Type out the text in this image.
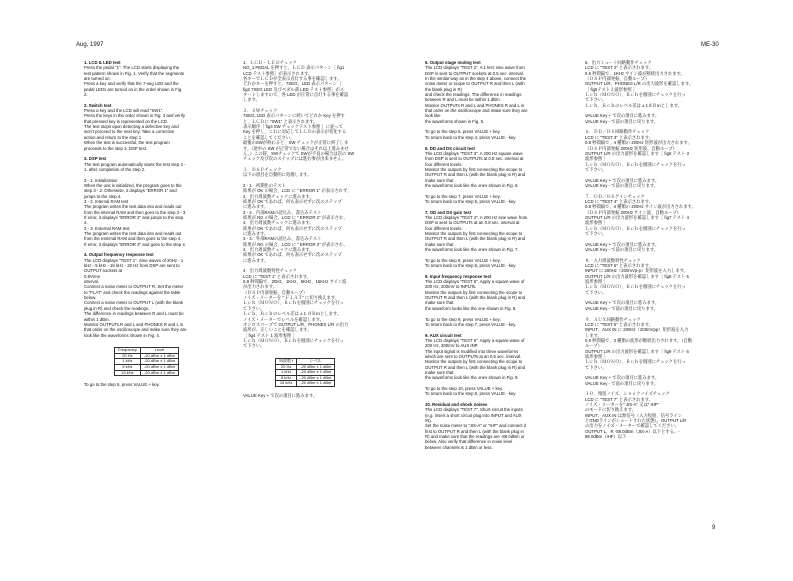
Aug, 1997	ME-30

1. LCD & LED test

Press the pedal "1". The LCD starts displaying the

test pattern shown in Fig. 1. Verify that the segments

are turned on.

Press a key and verify that the 7-seg LED and the

pedal LEDs are turned on in the order shown in Fig.

2.

2. Switch test

Press a key and the LCD will read "SW1".

Press the keys in the order shown in Fig. 3 and verify

that pressed key is represented on the LCD.

The test stops upon detecting a defective key and

won't proceed to the next key. Take a corrective

action and return to the step 1.

When the test is successful, the test program

proceeds to the step 3. DSP test.

3. DSP test

The test program automatically starts the test step 3 -

1. after completion of the step 2.

3 - 1. Initialization

When the unit is initialized, the program goes to the

step 3 - 2. Otherwise, it displays "ERROR 1" and

jumps to the step 4.

3 - 2. Internal RAM test

The program writes the test data into and reads out

from the internal RAM and then goes to the step 3 - 3.

If error, it displays "ERROR 2" and jumps to the step

4.

3 - 3. External RAM test

The program writes the test data into and reads out

from the external RAM and then goes to the step 4.

If error, it displays "ERROR 3" and goes to the step 4.

4. Output frequency response test

The LCD displays "TEST 1". Sine waves of 20Hz - 1

kHz - 5 kHz - 15 kHz - 20 Hz from DSP are sent to

OUTPUT sockets at

0.8Vrms

interval.

Connect a noise meter to OUTPUT R. Set the meter

to "FLAT" and check the readings against the table

below.

Connect a noise meter to OUTPUT L (with the blank

plug in R) and check the readings.

The difference in readings between R and L must be

within 1 dBm.

Monitor OUTPUTs R and L and PHONES R and L in

that order on the oscilloscope and make sure they are

look like the waveforms shown in Fig. 4.

Frequency	Level
20 Hz	-20 dBm ± 1 dBm
1 kHz	-20 dBm ± 1 dBm
5 kHz	-20 dBm ± 1 dBm
15 kHz	-20 dBm ± 1 dBm

To go to the step 5, press VALUE + key.

1．ＬＣＤ・ＬＥＤチェック

NO_1 PEDAL を押すと、ＬＣＤ 表示パターン［ fig1

LCD テスト参照］が表示されます。

各キーでＬＣＤが全表示点灯する事を確認します。

どれかキーを押すと、7SEG、LED 表示パターン［

fig2 7SEG LED 及びペダル部 LED テスト参照］がス

タートしますので、各 LED が正常に点灯する事を確認

します。

２．ＳＷチェック

7SEG, LED 表示パターンに続いてどれか Key を押す

と、ＬＣＤに "SW1" と表示されます。

表示順序［ fig3 SW チェックテスト参照 ］に従って

Key を押し、これに対応してＬＣＤの表示が変化する

ことを確認してください。

最後のSWが終わると、SW チェックが正常に終了しま

す。（途中の SW が正常でない場合はそれ以上進みませ

ん。）この時、SWチェックで SWが不良の場合は次の SW

チェック及び次のステップには進む事が出来ません。

３．ＤＳＰチェック

以下の項目を自動的に処理します。

3 - 1．初期化のテスト

結果が OK の場合、LCD に " ERROR 1" が表示されず、

4．出力周波数チェックに進みます。

結果が OK であれば、何も表示せずに次のステップ

に進みます。

3 - 2．内部RAMの読込み、書込みテスト

結果が NG の場合、LCD に " ERROR 2" が表示され、

4．出力周波数チェックに進みます。

結果が OK であれば、何も表示せずに次のステップ

に進みます。

3 - 3．外部RAMの読込み、書込みテスト

結果が NG の場合、LCD に " ERROR 3" が表示され、

4．出力周波数チェックに進みます。

結果が OK であれば、何も表示せずに次のステップ

に進みます。

4．出力周波数特性チェック

LCD に "TEST 1" と表示されます。

0.8 秒間隔で、20Hz、1KHz、5KHz、15KHz サイン波

が出力されます。

（ＤＳＰ内部発振、自動ループ）

ノイズ・メーターを " ＦＬＡＴ" に切り換えます。

Ｌｃｈ（ＭＯＮＯ）、Ｒｃｈを個別にチェックを行っ

て下さい。

Ｌｃｈ、Ｒｃｈのレベル差は ± 1 ｄＢｍとします。

ノイズ・メーターでレベルを確認します。

オシロスコープで OUTPUT L/R、PHONES L/R の出力

波形が、正しいことを確認します。

［ fig4 テスト 1 波形参照 ］

Ｌｃｈ（ＭＯＮＯ）、Ｒｃｈを個別にチェックを行っ

て下さい。

周波数 f	レベル
20 Hz	-20 dBm ± 1 dBm
1 kHz	-20 dBm ± 1 dBm
5 kHz	-20 dBm ± 1 dBm
15 kHz	-20 dBm ± 1 dBm

VALUE Key + で次の項目に進みます。

5. Output stage muting test

The LCD displays "TEST 2". A 1 kHz sine wave from

DSP is sent to OUTPUT sockets at 0.5 sec. interval.

In the similar way as in the step 4 above, connect the

noise meter or scope to OUTPUT R and then L (with

the blank plug in R)

and check the readings. The difference in readings

between R and L must be within 1 dBm.

Monitor OUTPUTs R and L and PHONES R and L in

that order on the oscilloscope and make sure they are

look like

the waveforms shown in Fig. 5.

To go to the step 6, press VALUE + key.

To return back to the step 4, press VALUE - key.

6. DD and DS circuit test

The LCD displays "TEST 3". A 200 Hz square wave

from DSP is sent to OUTPUTs at 0.8 sec. interval at

four different levels.

Monitor the outputs by first connecting the scope to

OUTPUT R and then L (with the blank plug in R) and

make sure that

the waveforms look like the ones shown in Fig. 6.

To go to the step 7, press VALUE + key.

To return back to the step 5, press VALUE - key.

7. OD and DS gain test

The LCD displays "TEST 4". A 200 Hz sine wave from

DSP is sent to OUTPUTs at an 0.8 sec. interval at

four different levels.

Monitor the outputs by first connecting the scope to

OUTPUT R and then L (with the blank plug in R) and

make sure that

the waveforms look like the ones shown in Fig. 7.

To go to the step 8, press VALUE + key.

To return back to the step 6, press VALUE - key.

8. Input frequency response test

The LCD displays "TEST 5". Apply a square wave of

200 Hz, 200mV to INPUTs.

Monitor the outputs by first connecting the scope to

OUTPUT R and then L (with the blank plug in R) and

make sure that

the waveform looks like the one shown in Fig. 8.

To go to the step 9, press VALUE + key.

To return back to the step 7, press VALUE - key.

9. AUX circuit test

The LCD displays "TEST 6". Apply a square wave of

200 Hz, 200mV to AUX INP.

The input signal is modified into three waveforms

which are sent to OUTPUTs at an 0.5 sec. interval.

Monitor the outputs by first connecting the scope to

OUTPUT R and then L (with the blank plug in R) and

make sure that

the waveforms look like the ones shown in Fig. 9.

To go to the step 10, press VALUE + key.

To return back to the step 8, press VALUE - key.

10. Residual and shock noises

The LCD displays "TEST 7". Short-circuit the inputs

(e.g. insert a short circuit plug into INPUT and AUX

IN).

Set the noise meter to "JIS-A" or "IHF" and connect it

first to OUTPUT R and then L (with the blank plug in

R) and make sure that the readings are -88.0dBm or

below. Also verify that difference in noise level

between channels is 1 dBm or less.

5．出力ミュート回路動作チェック

LCD に "TEST 2" と表示されます。

0.5 秒間隔で、1KHz サイン波が断続出力されます。

（ＤＳＰ内部発振、自動ループ）

OUTPUT L/R、PHONES L/R の出力波形を確認します。

［ fig5テスト２波形参照 ］

Ｌｃｈ（ＭＯＮＯ）、Ｒｃｈを個別にチェックを行っ

て下さい。

Ｌｃｈ，Ｒｃｈのレベル差は ± 1ｄＢｍとします。

VALUE Key + で次の項目に進みます。

VALUE Key - で前の項目に戻ります。

６．ＤＤ／ＤＳ回路動作チェック

LCD に "TEST 3" と表示されます。

0.8 秒間隔で、4 種類の 200Hz 矩形波が出力されます。

（ＤＳＰ内部発振 200Hz 矩形波、自動ループ）

OUTPUT L/R の出力波形を確認します［ fig6 テスト 3

波形参照 ］

Ｌｃｈ（ＭＯＮＯ）、Ｒｃｈを個別にチェックを行っ

て下さい。

VALUE Key + で次の項目に進みます。

VALUE Key - で前の項目に戻ります。

７．ＯＤ／ＤＳゲインチェック

LCD に "TEST 4" と表示されます。

0.8 秒間隔で、4 種類の 200Hz サイン波が出力されます。

（ＤＳＰ内部発振 200Hz サイン波、自動ループ）

OUTPUT L/R の出力波形を確認します［ fig7 テスト 4

波形参照 ］

Ｌｃｈ（ＭＯＮＯ）、Ｒｃｈを個別にチェックを行っ

て下さい。

VALUE Key + で次の項目に進みます。

VALUE Key - で前の項目に戻ります。

８．入力周波数特性チェック

LCD に "TEST 5" と表示されます。

INPUT に 200Hz（200mVp-p）矩形波を入力します。

OUTPUT L/R の出力波形を確認します［ fig8 テスト 5

波形参照 ］

Ｌｃｈ（ＭＯＮＯ）、Ｒｃｈを個別にチェックを行っ

て下さい。

VALUE Key + で次の項目に進みます。

VALUE Key - で前の項目に戻ります。

９．ＡＵＸ回路動作チェック

LCD に "TEST 6" と表示されます。

INPUT，AUX IN に 200Hz（200mVpp）矩形波を入力

します。

0.5 秒間隔で、3 種類の波形が断続出力されます。（自動

ループ）

OUTPUT L/R の出力波形を確認します［ fig9 テスト 6

波形参照 ］

Ｌｃｈ（ＭＯＮＯ）、Ｒｃｈを個別にチェックを行っ

て下さい。

VALUE Key + で次の項目に進みます。

VALUE Key - で前の項目に戻ります。

１０．残留ノイズ、ショックノイズチェック

LCD に "TEST 7" と表示されます。

ノイズ・メーターを" JIS-A" 又は" IHF"

のモードに切り換えます。

INPUT，AUX IN は無信号（入力短絡、信号ライン

とGNDラインがショートされた状態）。OUTPUT L/R

の出力をノイズ・メーターで確認してください。

OUTPUT L，R -88.0dBm（JIS-A）以下とする。-

88.0dBm（IHF）以下

9
